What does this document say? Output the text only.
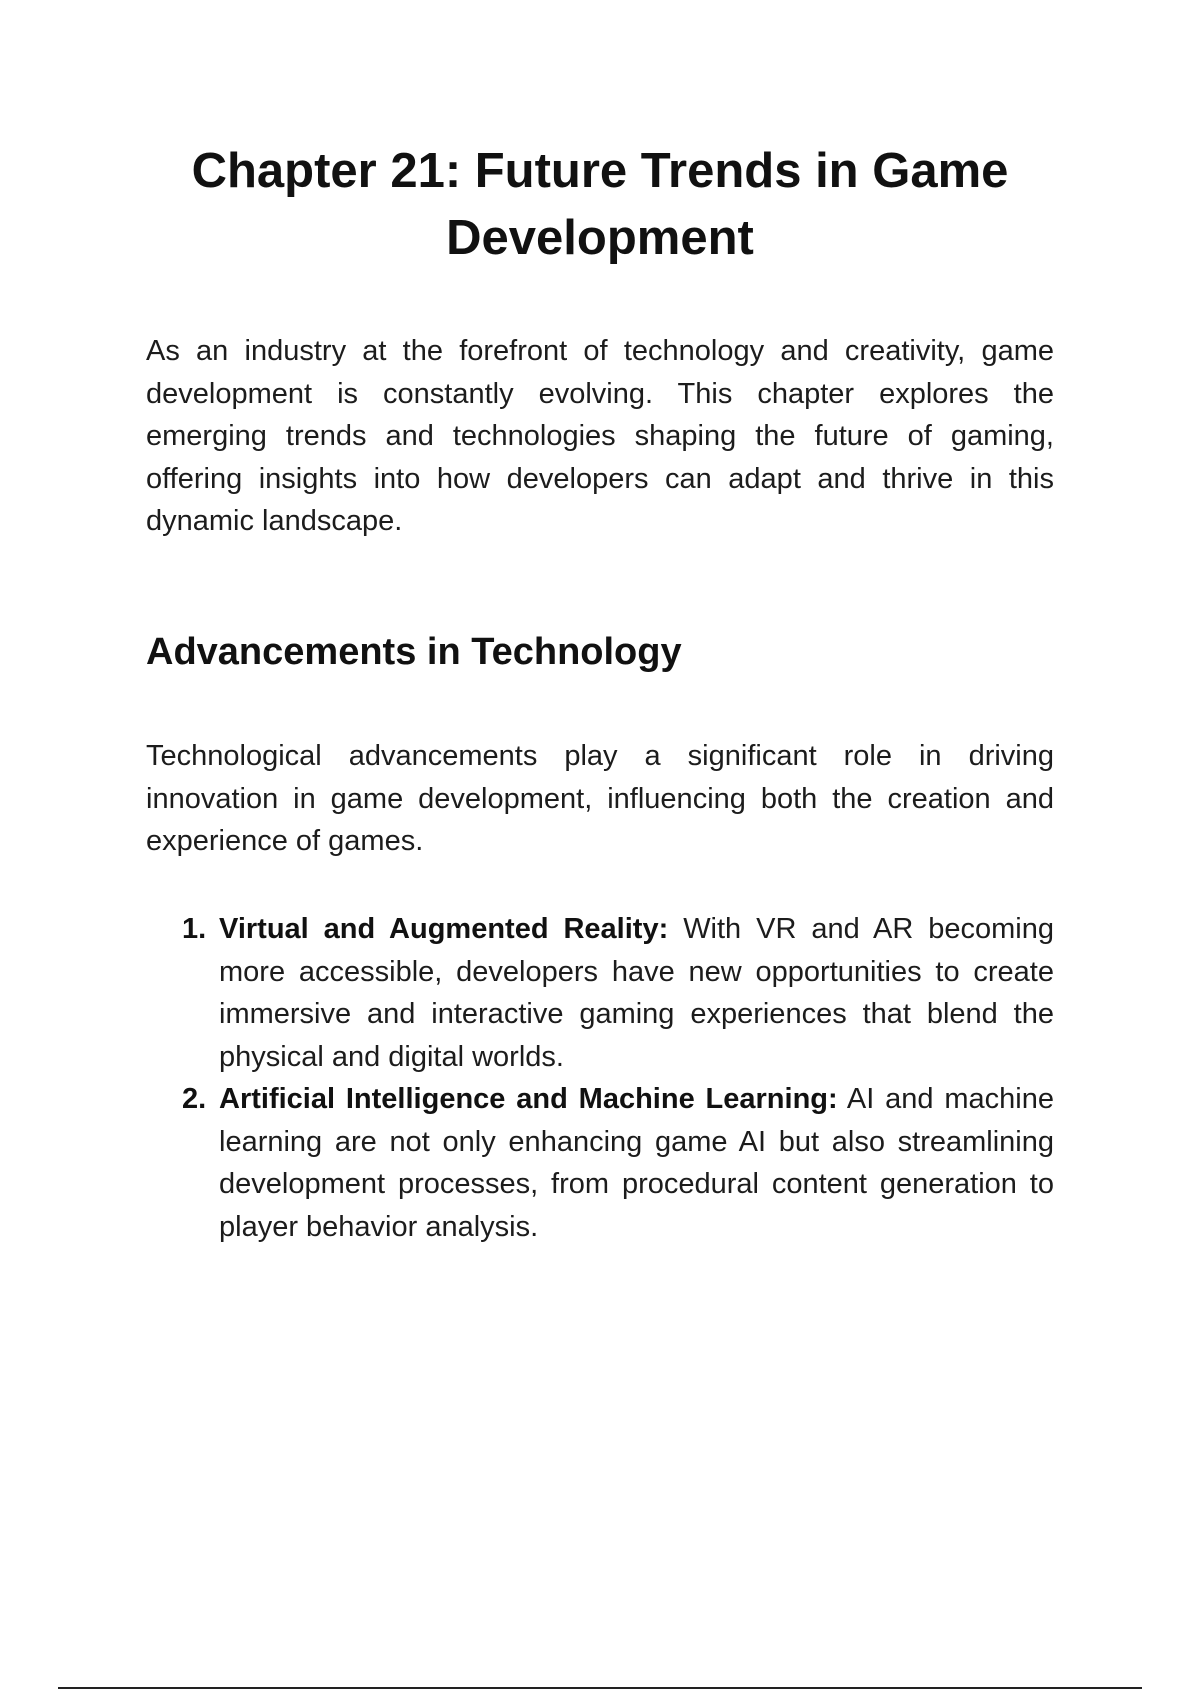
Chapter 21: Future Trends in Game Development

As an industry at the forefront of technology and creativity, game development is constantly evolving. This chapter explores the emerging trends and technologies shaping the future of gaming, offering insights into how developers can adapt and thrive in this dynamic landscape.

Advancements in Technology

Technological advancements play a significant role in driving innovation in game development, influencing both the creation and experience of games.

1. Virtual and Augmented Reality: With VR and AR becoming more accessible, developers have new opportunities to create immersive and interactive gaming experiences that blend the physical and digital worlds.
2. Artificial Intelligence and Machine Learning: AI and machine learning are not only enhancing game AI but also streamlining development processes, from procedural content generation to player behavior analysis.
